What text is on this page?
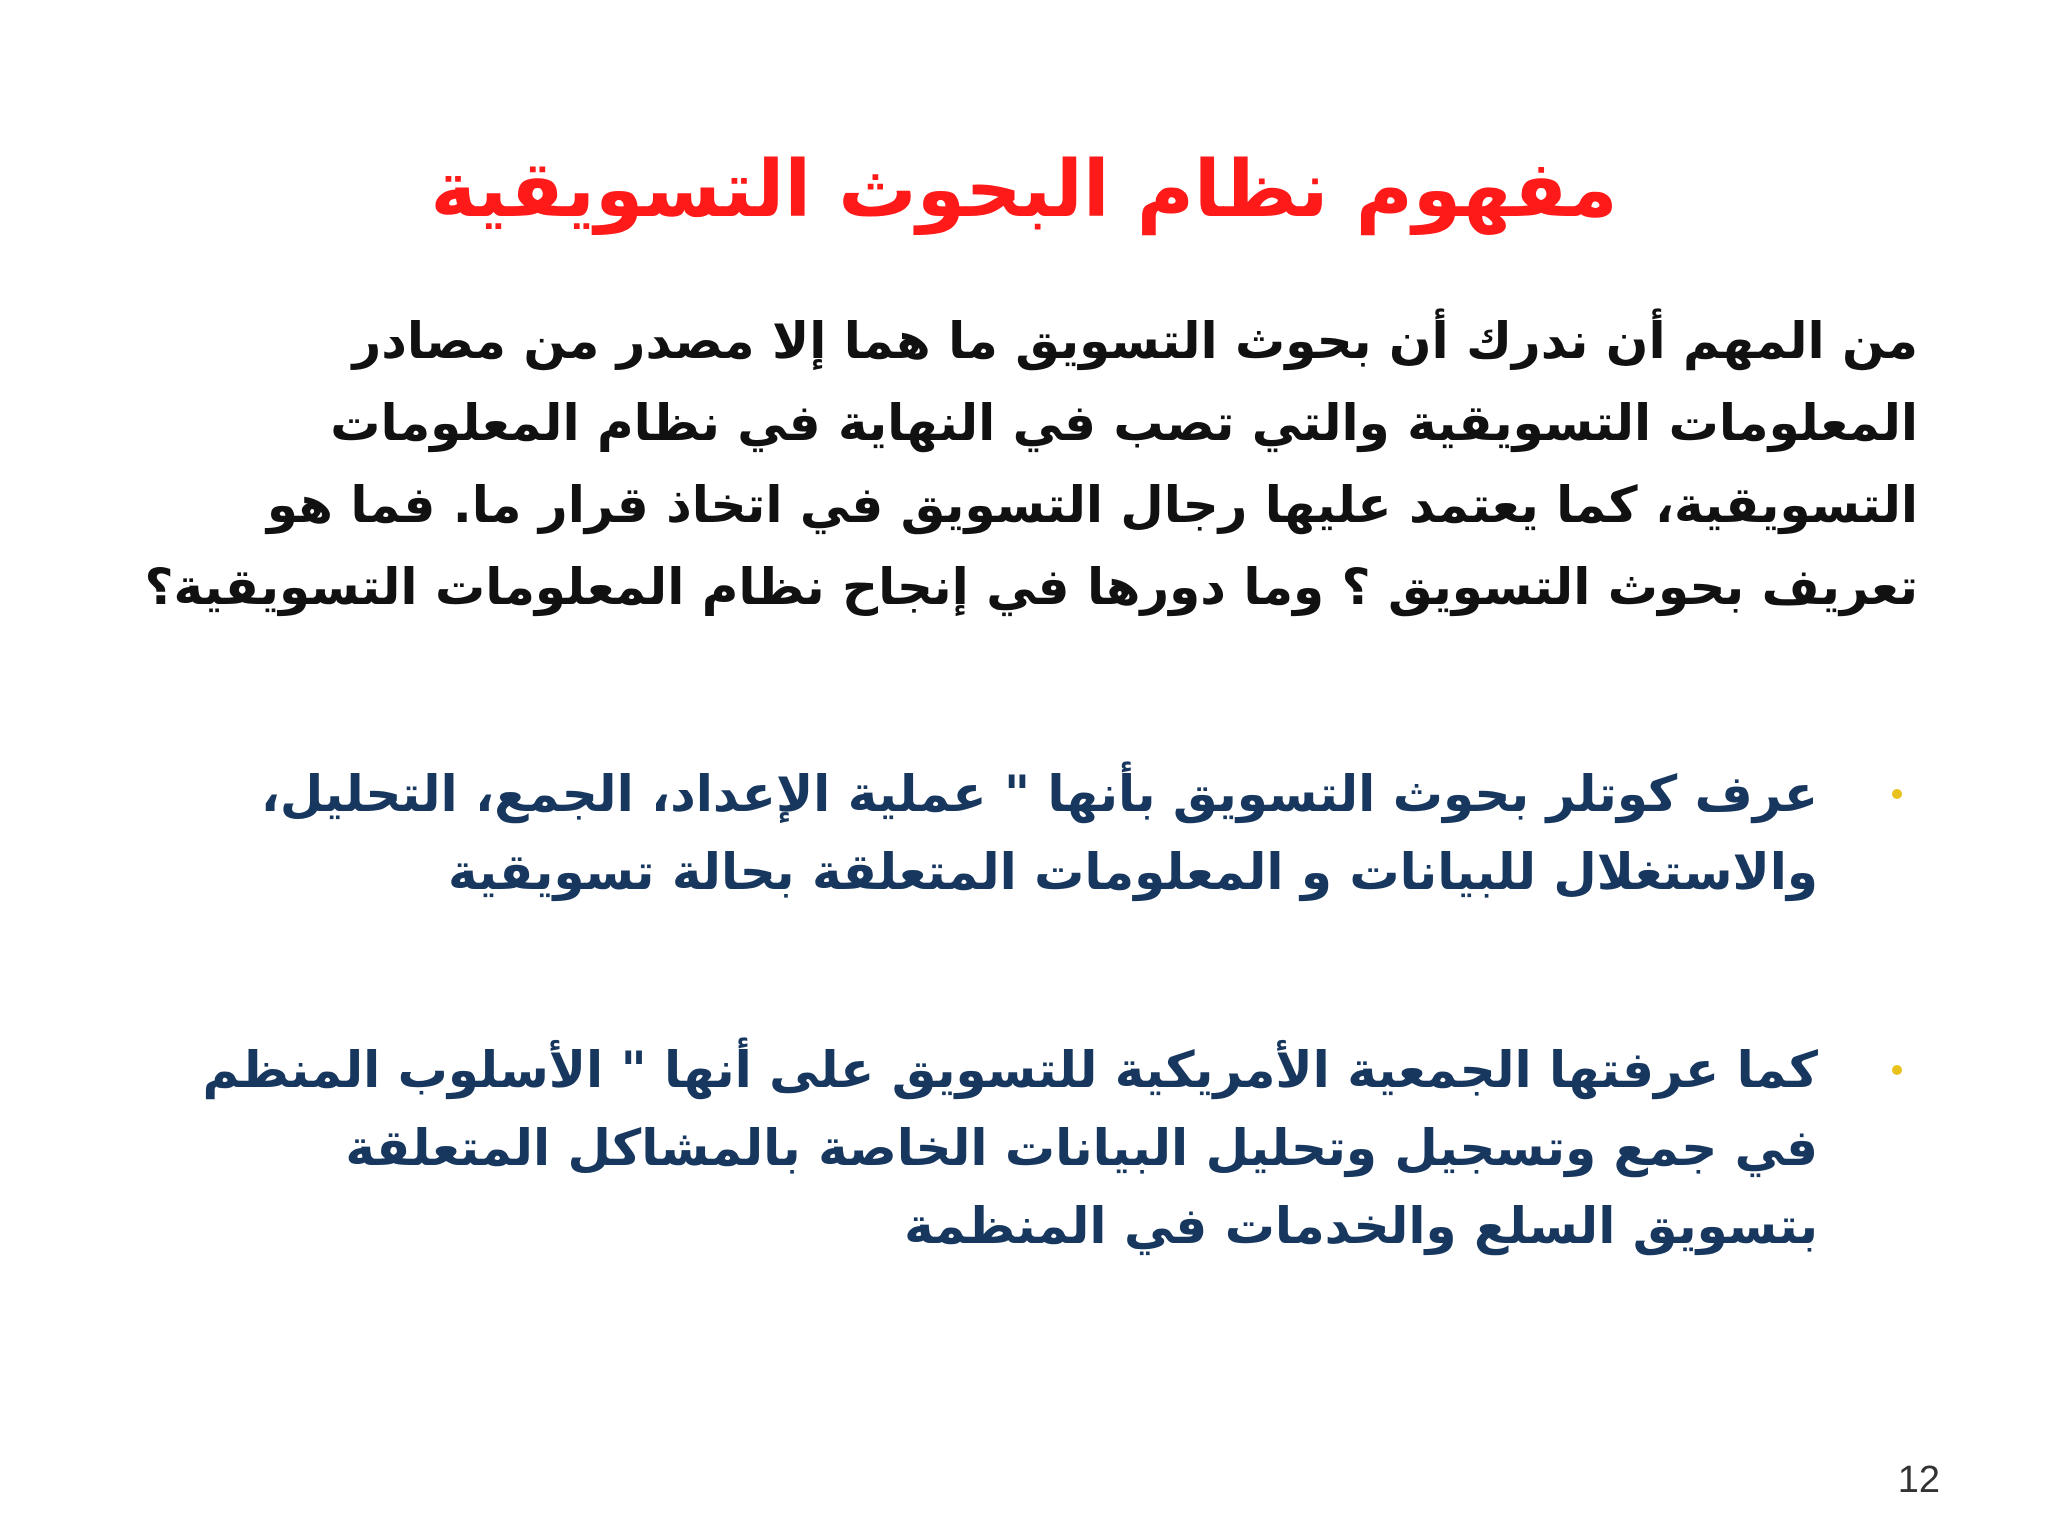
مفهوم نظام البحوث التسويقية
من المهم أن ندرك أن بحوث التسويق ما هما إلا مصدر من مصادر المعلومات التسويقية والتي تصب في النهاية في نظام المعلومات التسويقية، كما يعتمد عليها رجال التسويق في اتخاذ قرار ما. فما هو تعريف بحوث التسويق ؟ وما دورها في إنجاح نظام المعلومات التسويقية؟
عرف كوتلر بحوث التسويق بأنها " عملية الإعداد، الجمع، التحليل، والاستغلال للبيانات و المعلومات المتعلقة بحالة تسويقية
كما عرفتها الجمعية الأمريكية للتسويق على أنها " الأسلوب المنظم في جمع وتسجيل وتحليل البيانات الخاصة بالمشاكل المتعلقة بتسويق السلع والخدمات في المنظمة
12
